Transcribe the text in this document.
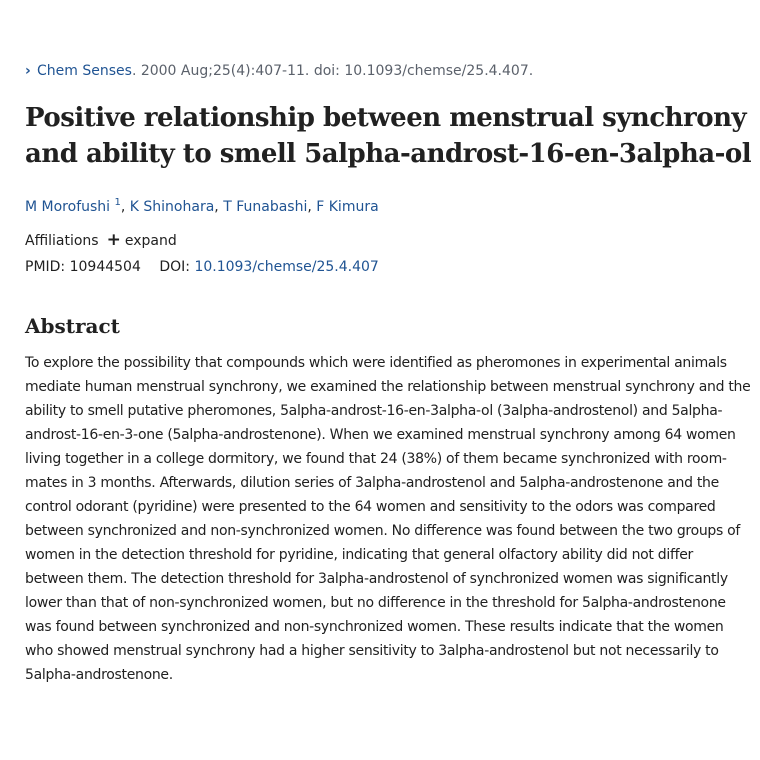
› Chem Senses. 2000 Aug;25(4):407-11. doi: 10.1093/chemse/25.4.407.
Positive relationship between menstrual synchrony and ability to smell 5alpha-androst-16-en-3alpha-ol
M Morofushi $^1$, K Shinohara, T Funabashi, F Kimura
Affiliations + expand
PMID: 10944504 DOI: 10.1093/chemse/25.4.407
Abstract

To explore the possibility that compounds which were identified as pheromones in experimental animals mediate human menstrual synchrony, we examined the relationship between menstrual synchrony and the ability to smell putative pheromones, 5alpha-androst-16-en-3alpha-ol (3alpha-androstenol) and 5alpha-androst-16-en-3-one (5alpha-androstenone). When we examined menstrual synchrony among 64 women living together in a college dormitory, we found that 24 (38%) of them became synchronized with room-mates in 3 months. Afterwards, dilution series of 3alpha-androstenol and 5alpha-androstenone and the control odorant (pyridine) were presented to the 64 women and sensitivity to the odors was compared between synchronized and non-synchronized women. No difference was found between the two groups of women in the detection threshold for pyridine, indicating that general olfactory ability did not differ between them. The detection threshold for 3alpha-androstenol of synchronized women was significantly lower than that of non-synchronized women, but no difference in the threshold for 5alpha-androstenone was found between synchronized and non-synchronized women. These results indicate that the women who showed menstrual synchrony had a higher sensitivity to 3alpha-androstenol but not necessarily to 5alpha-androstenone.
